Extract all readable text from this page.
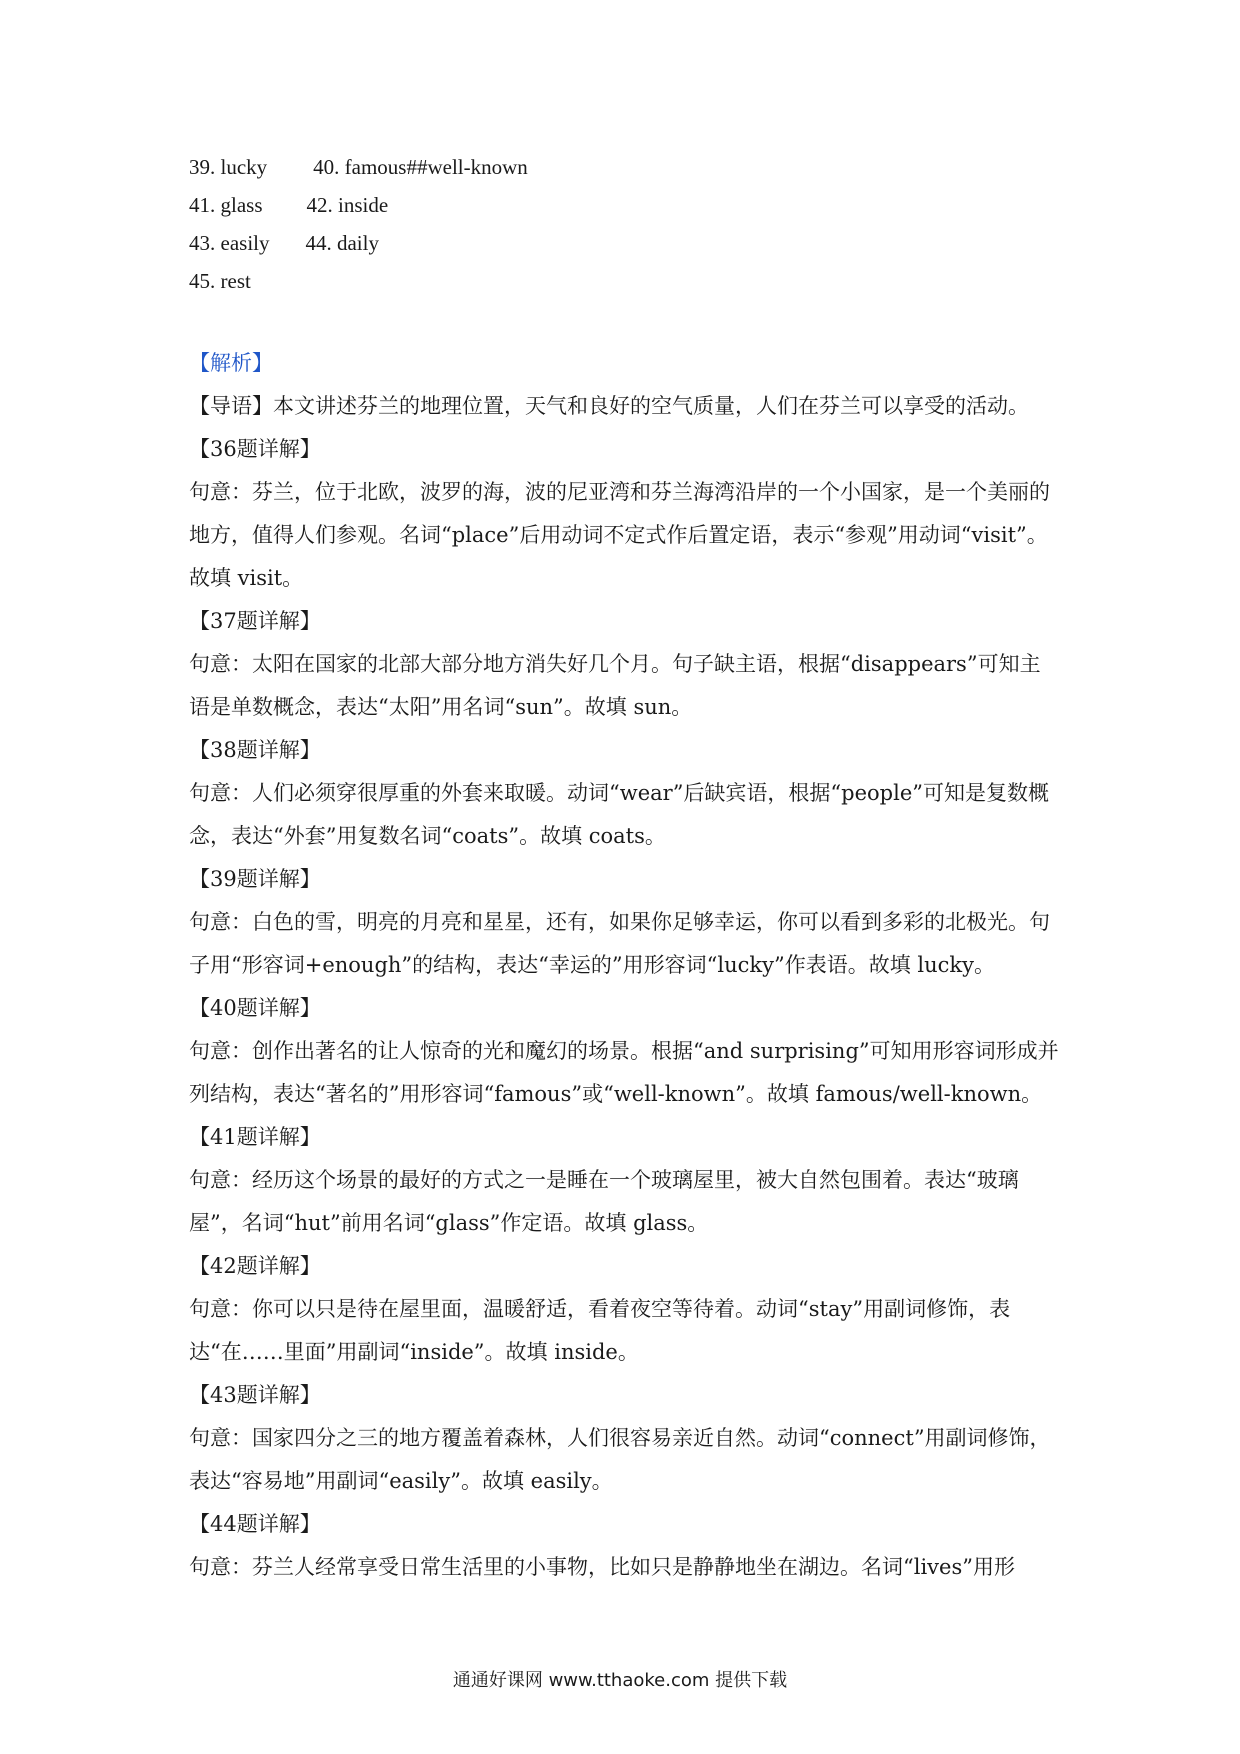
39. lucky 40. famous##well-known
41. glass 42. inside
43. easily 44. daily
45. rest

【解析】

【导语】本文讲述芬兰的地理位置，天气和良好的空气质量，人们在芬兰可以享受的活动。

【36题详解】

句意：芬兰，位于北欧，波罗的海，波的尼亚湾和芬兰海湾沿岸的一个小国家，是一个美丽的地方，值得人们参观。名词“place”后用动词不定式作后置定语，表示“参观”用动词“visit”。故填 visit。

【37题详解】

句意：太阳在国家的北部大部分地方消失好几个月。句子缺主语，根据“disappears”可知主语是单数概念，表达“太阳”用名词“sun”。故填 sun。

【38题详解】

句意：人们必须穿很厚重的外套来取暖。动词“wear”后缺宾语，根据“people”可知是复数概念，表达“外套”用复数名词“coats”。故填 coats。

【39题详解】

句意：白色的雪，明亮的月亮和星星，还有，如果你足够幸运，你可以看到多彩的北极光。句子用“形容词+enough”的结构，表达“幸运的”用形容词“lucky”作表语。故填 lucky。

【40题详解】

句意：创作出著名的让人惊奇的光和魔幻的场景。根据“and surprising”可知用形容词形成并列结构，表达“著名的”用形容词“famous”或“well-known”。故填 famous/well-known。

【41题详解】

句意：经历这个场景的最好的方式之一是睡在一个玻璃屋里，被大自然包围着。表达“玻璃屋”，名词“hut”前用名词“glass”作定语。故填 glass。

【42题详解】

句意：你可以只是待在屋里面，温暖舒适，看着夜空等待着。动词“stay”用副词修饰，表达“在……里面”用副词“inside”。故填 inside。

【43题详解】

句意：国家四分之三的地方覆盖着森林，人们很容易亲近自然。动词“connect”用副词修饰，表达“容易地”用副词“easily”。故填 easily。

【44题详解】

句意：芬兰人经常享受日常生活里的小事物，比如只是静静地坐在湖边。名词“lives”用形

通通好课网 www.tthaoke.com 提供下载
